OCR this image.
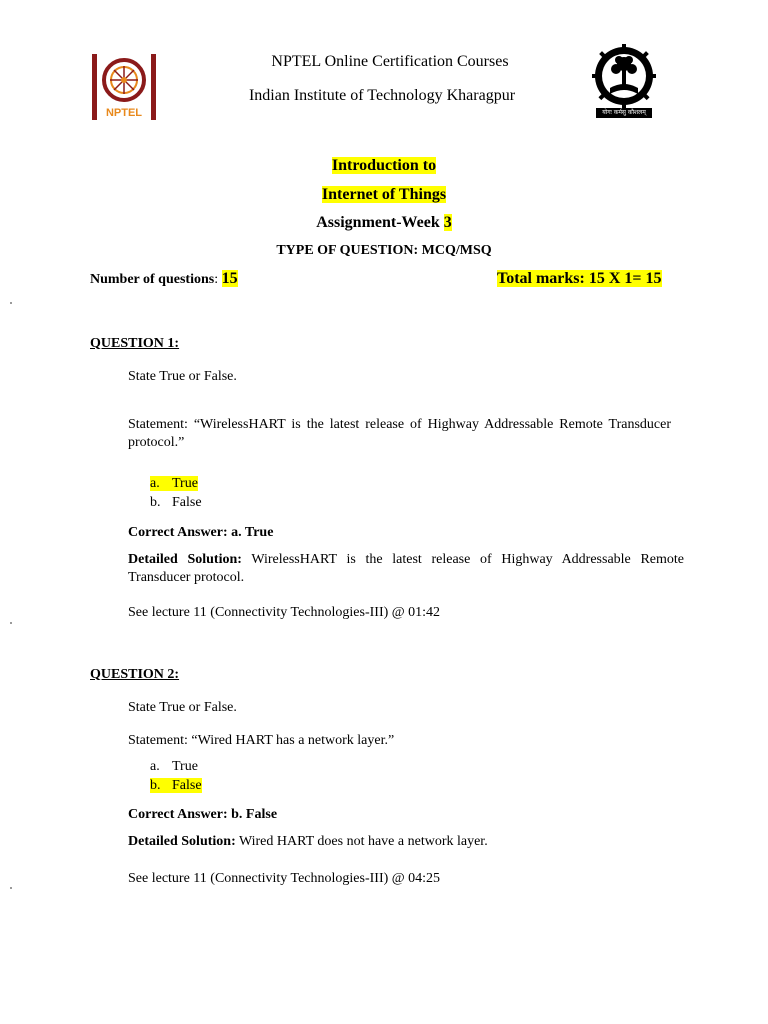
NPTEL
NPTEL Online Certification Courses
Indian Institute of Technology Kharagpur
योगः कर्मसु कौशलम्
Introduction to
Internet of Things
Assignment-Week 3
TYPE OF QUESTION: MCQ/MSQ
Number of questions: 15	Total marks: 15 X 1= 15
QUESTION 1:
State True or False.
Statement: “WirelessHART is the latest release of Highway Addressable Remote Transducer protocol.”
a. True
b. False
Correct Answer: a. True
Detailed Solution: WirelessHART is the latest release of Highway Addressable Remote Transducer protocol.
See lecture 11 (Connectivity Technologies-III) @ 01:42
QUESTION 2:
State True or False.
Statement: “Wired HART has a network layer.”
a. True
b. False
Correct Answer: b. False
Detailed Solution: Wired HART does not have a network layer.
See lecture 11 (Connectivity Technologies-III) @ 04:25
